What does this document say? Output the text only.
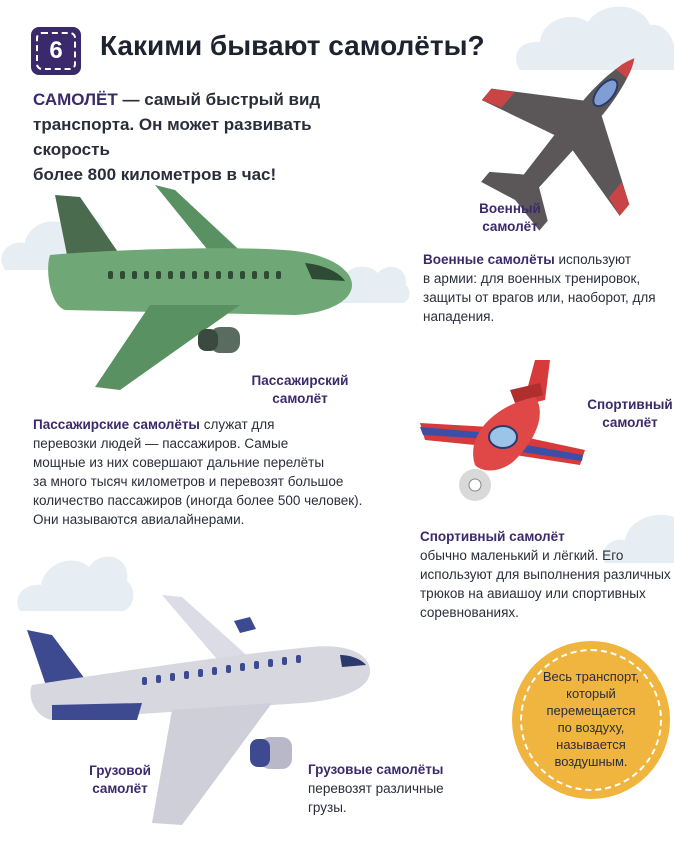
6	Какими бывают самолёты?
САМОЛЁТ — самый быстрый вид
транспорта. Он может развивать скорость
более 800 километров в час!
Военный
самолёт
Военные самолёты используют
в армии: для военных тренировок,
защиты от врагов или, наоборот, для
нападения.
Пассажирский
самолёт
Пассажирские самолёты служат для
перевозки людей — пассажиров. Самые
мощные из них совершают дальние перелёты
за много тысяч километров и перевозят большое
количество пассажиров (иногда более 500 человек).
Они называются авиалайнерами.
Спортивный
самолёт
Спортивный самолёт
обычно маленький и лёгкий. Его
используют для выполнения различных
трюков на авиашоу или спортивных
соревнованиях.
Грузовой
самолёт
Грузовые самолёты
перевозят различные
грузы.
Весь транспорт,
который
перемещается
по воздуху,
называется
воздушным.
